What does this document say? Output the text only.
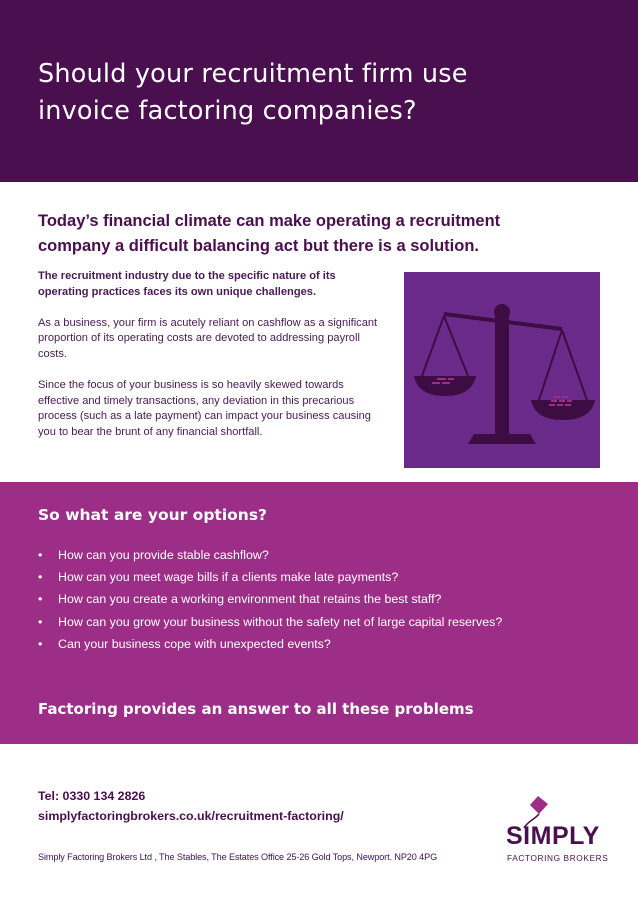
Should your recruitment firm use
invoice factoring companies?
Today’s financial climate can make operating a recruitment
company a difficult balancing act but there is a solution.

The recruitment industry due to the specific nature of its operating practices faces its own unique challenges.

As a business, your firm is acutely reliant on cashflow as a significant proportion of its operating costs are devoted to addressing payroll costs.

Since the focus of your business is so heavily skewed towards effective and timely transactions, any deviation in this precarious process (such as a late payment) can impact your business causing you to bear the brunt of any financial shortfall.

So what are your options?
•	How can you provide stable cashflow?
•	How can you meet wage bills if a clients make late payments?
•	How can you create a working environment that retains the best staff?
•	How can you grow your business without the safety net of large capital reserves?
•	Can your business cope with unexpected events?
Factoring provides an answer to all these problems
Tel: 0330 134 2826
simplyfactoringbrokers.co.uk/recruitment-factoring/
Simply Factoring Brokers Ltd , The Stables, The Estates Office 25-26 Gold Tops, Newport. NP20 4PG
SIMPLY
FACTORING BROKERS
